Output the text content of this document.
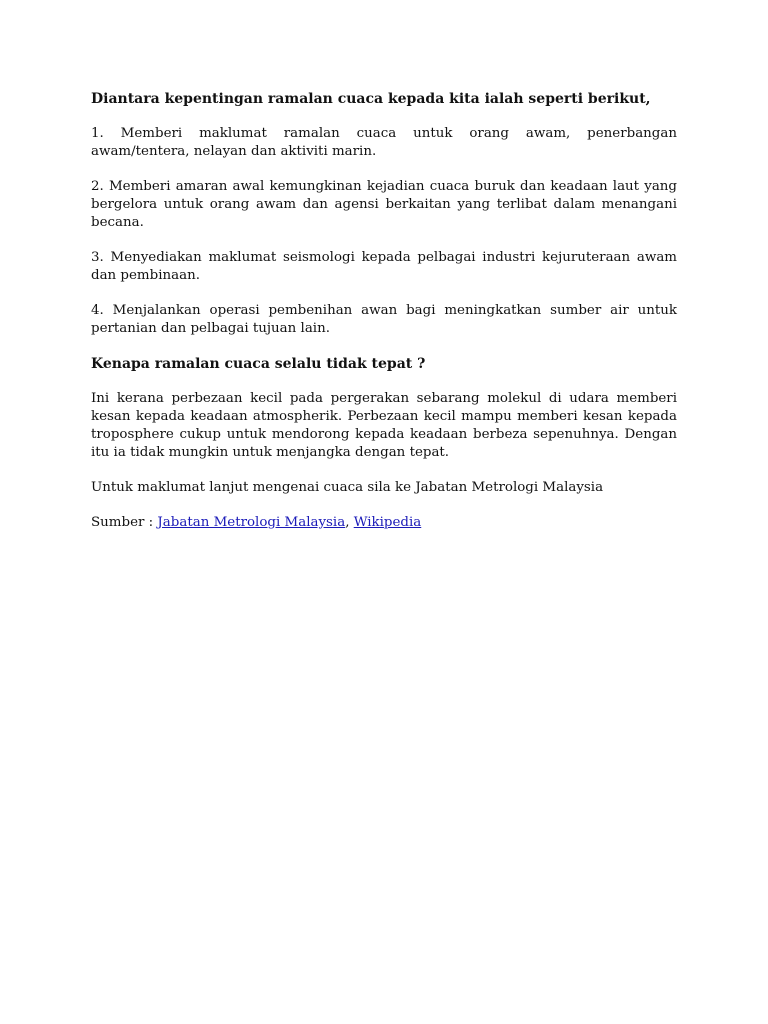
Diantara kepentingan ramalan cuaca kepada kita ialah seperti berikut,

1. Memberi maklumat ramalan cuaca untuk orang awam, penerbangan awam/tentera, nelayan dan aktiviti marin.

2. Memberi amaran awal kemungkinan kejadian cuaca buruk dan keadaan laut yang bergelora untuk orang awam dan agensi berkaitan yang terlibat dalam menangani becana.

3. Menyediakan maklumat seismologi kepada pelbagai industri kejuruteraan awam dan pembinaan.

4. Menjalankan operasi pembenihan awan bagi meningkatkan sumber air untuk pertanian dan pelbagai tujuan lain.

Kenapa ramalan cuaca selalu tidak tepat ?

Ini kerana perbezaan kecil pada pergerakan sebarang molekul di udara memberi kesan kepada keadaan atmospherik. Perbezaan kecil mampu memberi kesan kepada troposphere cukup untuk mendorong kepada keadaan berbeza sepenuhnya. Dengan itu ia tidak mungkin untuk menjangka dengan tepat.

Untuk maklumat lanjut mengenai cuaca sila ke Jabatan Metrologi Malaysia

Sumber : Jabatan Metrologi Malaysia, Wikipedia
